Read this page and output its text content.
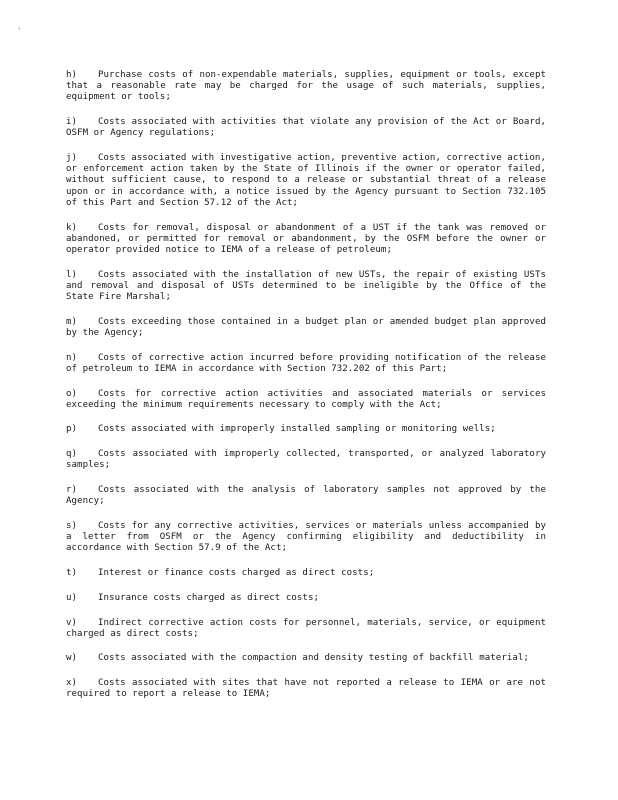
`

h) Purchase costs of non-expendable materials, supplies, equipment or tools, except that a reasonable rate may be charged for the usage of such materials, supplies, equipment or tools;

i) Costs associated with activities that violate any provision of the Act or Board, OSFM or Agency regulations;

j) Costs associated with investigative action, preventive action, corrective action, or enforcement action taken by the State of Illinois if the owner or operator failed, without sufficient cause, to respond to a release or substantial threat of a release upon or in accordance with, a notice issued by the Agency pursuant to Section 732.105 of this Part and Section 57.12 of the Act;

k) Costs for removal, disposal or abandonment of a UST if the tank was removed or abandoned, or permitted for removal or abandonment, by the OSFM before the owner or operator provided notice to IEMA of a release of petroleum;

l) Costs associated with the installation of new USTs, the repair of existing USTs and removal and disposal of USTs determined to be ineligible by the Office of the State Fire Marshal;

m) Costs exceeding those contained in a budget plan or amended budget plan approved by the Agency;

n) Costs of corrective action incurred before providing notification of the release of petroleum to IEMA in accordance with Section 732.202 of this Part;

o) Costs for corrective action activities and associated materials or services exceeding the minimum requirements necessary to comply with the Act;

p) Costs associated with improperly installed sampling or monitoring wells;

q) Costs associated with improperly collected, transported, or analyzed laboratory samples;

r) Costs associated with the analysis of laboratory samples not approved by the Agency;

s) Costs for any corrective activities, services or materials unless accompanied by a letter from OSFM or the Agency confirming eligibility and deductibility in accordance with Section 57.9 of the Act;

t) Interest or finance costs charged as direct costs;

u) Insurance costs charged as direct costs;

v) Indirect corrective action costs for personnel, materials, service, or equipment charged as direct costs;

w) Costs associated with the compaction and density testing of backfill material;

x) Costs associated with sites that have not reported a release to IEMA or are not required to report a release to IEMA;
